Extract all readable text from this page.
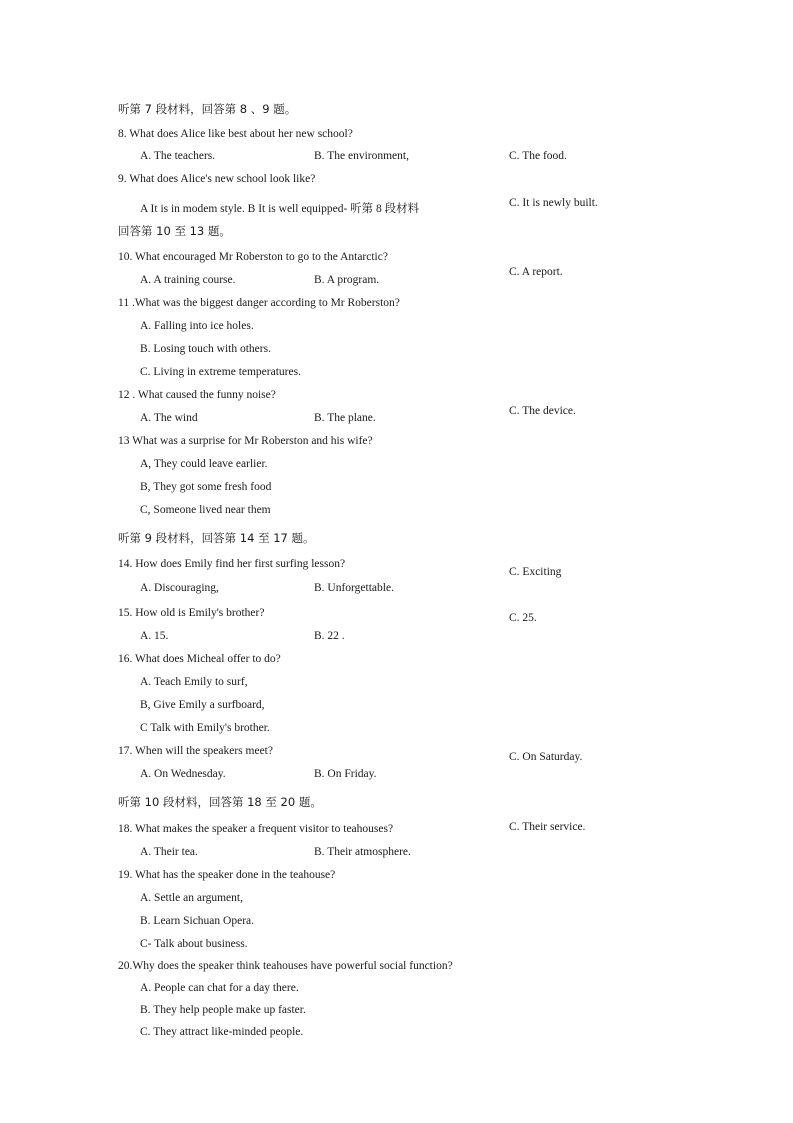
听第 7 段材料，回答第 8 、9 题。
8. What does Alice like best about her new school?
A. The teachers.	B. The environment,	C. The food.
9. What does Alice's new school look like?
C. It is newly built.
A It is in modem style. B It is well equipped- 听第 8 段材料
回答第 10 至 13 题。
10. What encouraged Mr Roberston to go to the Antarctic?
C. A report.
A. A training course.	B. A program.
11 .What was the biggest danger according to Mr Roberston?
A. Falling into ice holes.
B. Losing touch with others.
C. Living in extreme temperatures.
12 . What caused the funny noise?
C. The device.
A. The wind	B. The plane.
13 What was a surprise for Mr Roberston and his wife?
A, They could leave earlier.
B, They got some fresh food
C, Someone lived near them
听第 9 段材料，回答第 14 至 17 题。
14. How does Emily find her first surfing lesson?
C. Exciting
A. Discouraging,	B. Unforgettable.
15. How old is Emily's brother?	C. 25.
A. 15.	B. 22 .
16. What does Micheal offer to do?
A. Teach Emily to surf,
B, Give Emily a surfboard,
C Talk with Emily's brother.
17. When will the speakers meet?	C. On Saturday.
A. On Wednesday.	B. On Friday.
听第 10 段材料，回答第 18 至 20 题。
18. What makes the speaker a frequent visitor to teahouses?	C. Their service.
A. Their tea.	B. Their atmosphere.
19. What has the speaker done in the teahouse?
A. Settle an argument,
B. Learn Sichuan Opera.
C- Talk about business.
20.Why does the speaker think teahouses have powerful social function?
A. People can chat for a day there.
B. They help people make up faster.
C. They attract like-minded people.
